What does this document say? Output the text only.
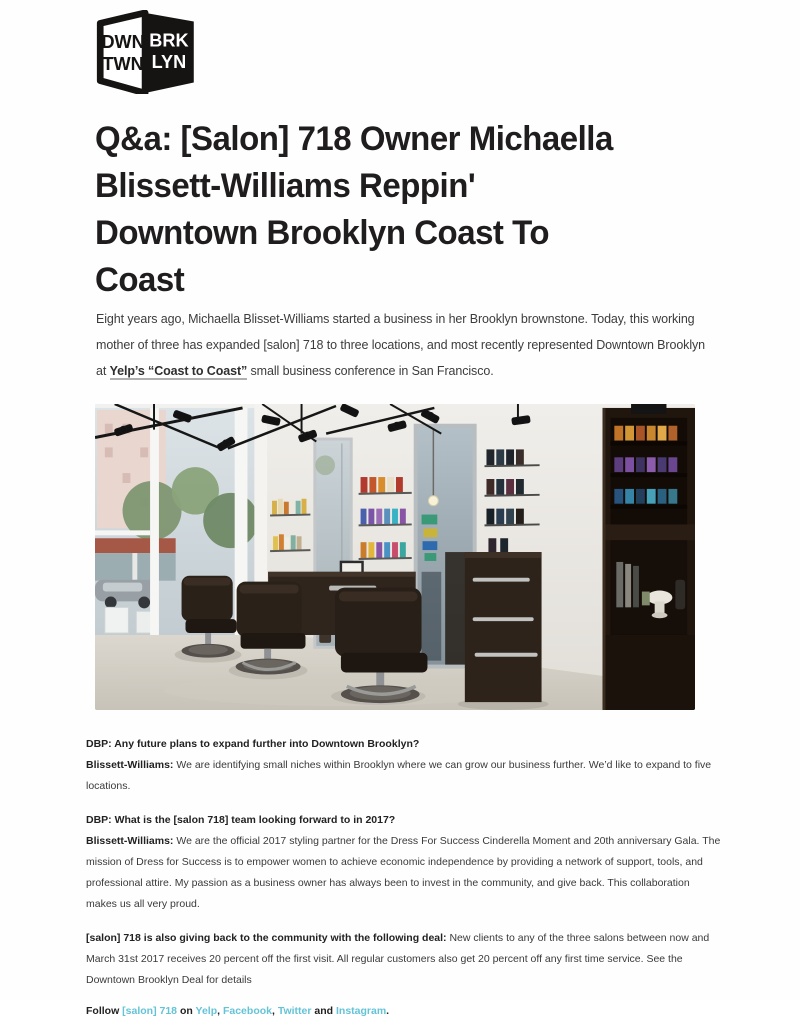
DWN
TWN
BRK
LYN
Q&a: [Salon] 718 Owner Michaella
Blissett-Williams Reppin'
Downtown Brooklyn Coast To
Coast

Eight years ago, Michaella Blisset-Williams started a business in her Brooklyn brownstone. Today, this working mother of three has expanded [salon] 718 to three locations, and most recently represented Downtown Brooklyn at Yelp’s “Coast to Coast” small business conference in San Francisco.

DBP: Any future plans to expand further into Downtown Brooklyn?
Blissett-Williams: We are identifying small niches within Brooklyn where we can grow our business further. We’d like to expand to five locations.

DBP: What is the [salon 718] team looking forward to in 2017?
Blissett-Williams: We are the official 2017 styling partner for the Dress For Success Cinderella Moment and 20th anniversary Gala. The mission of Dress for Success is to empower women to achieve economic independence by providing a network of support, tools, and professional attire. My passion as a business owner has always been to invest in the community, and give back. This collaboration makes us all very proud.

[salon] 718 is also giving back to the community with the following deal: New clients to any of the three salons between now and March 31st 2017 receives 20 percent off the first visit. All regular customers also get 20 percent off any first time service. See the Downtown Brooklyn Deal for details

Follow [salon] 718 on Yelp, Facebook, Twitter and Instagram.
